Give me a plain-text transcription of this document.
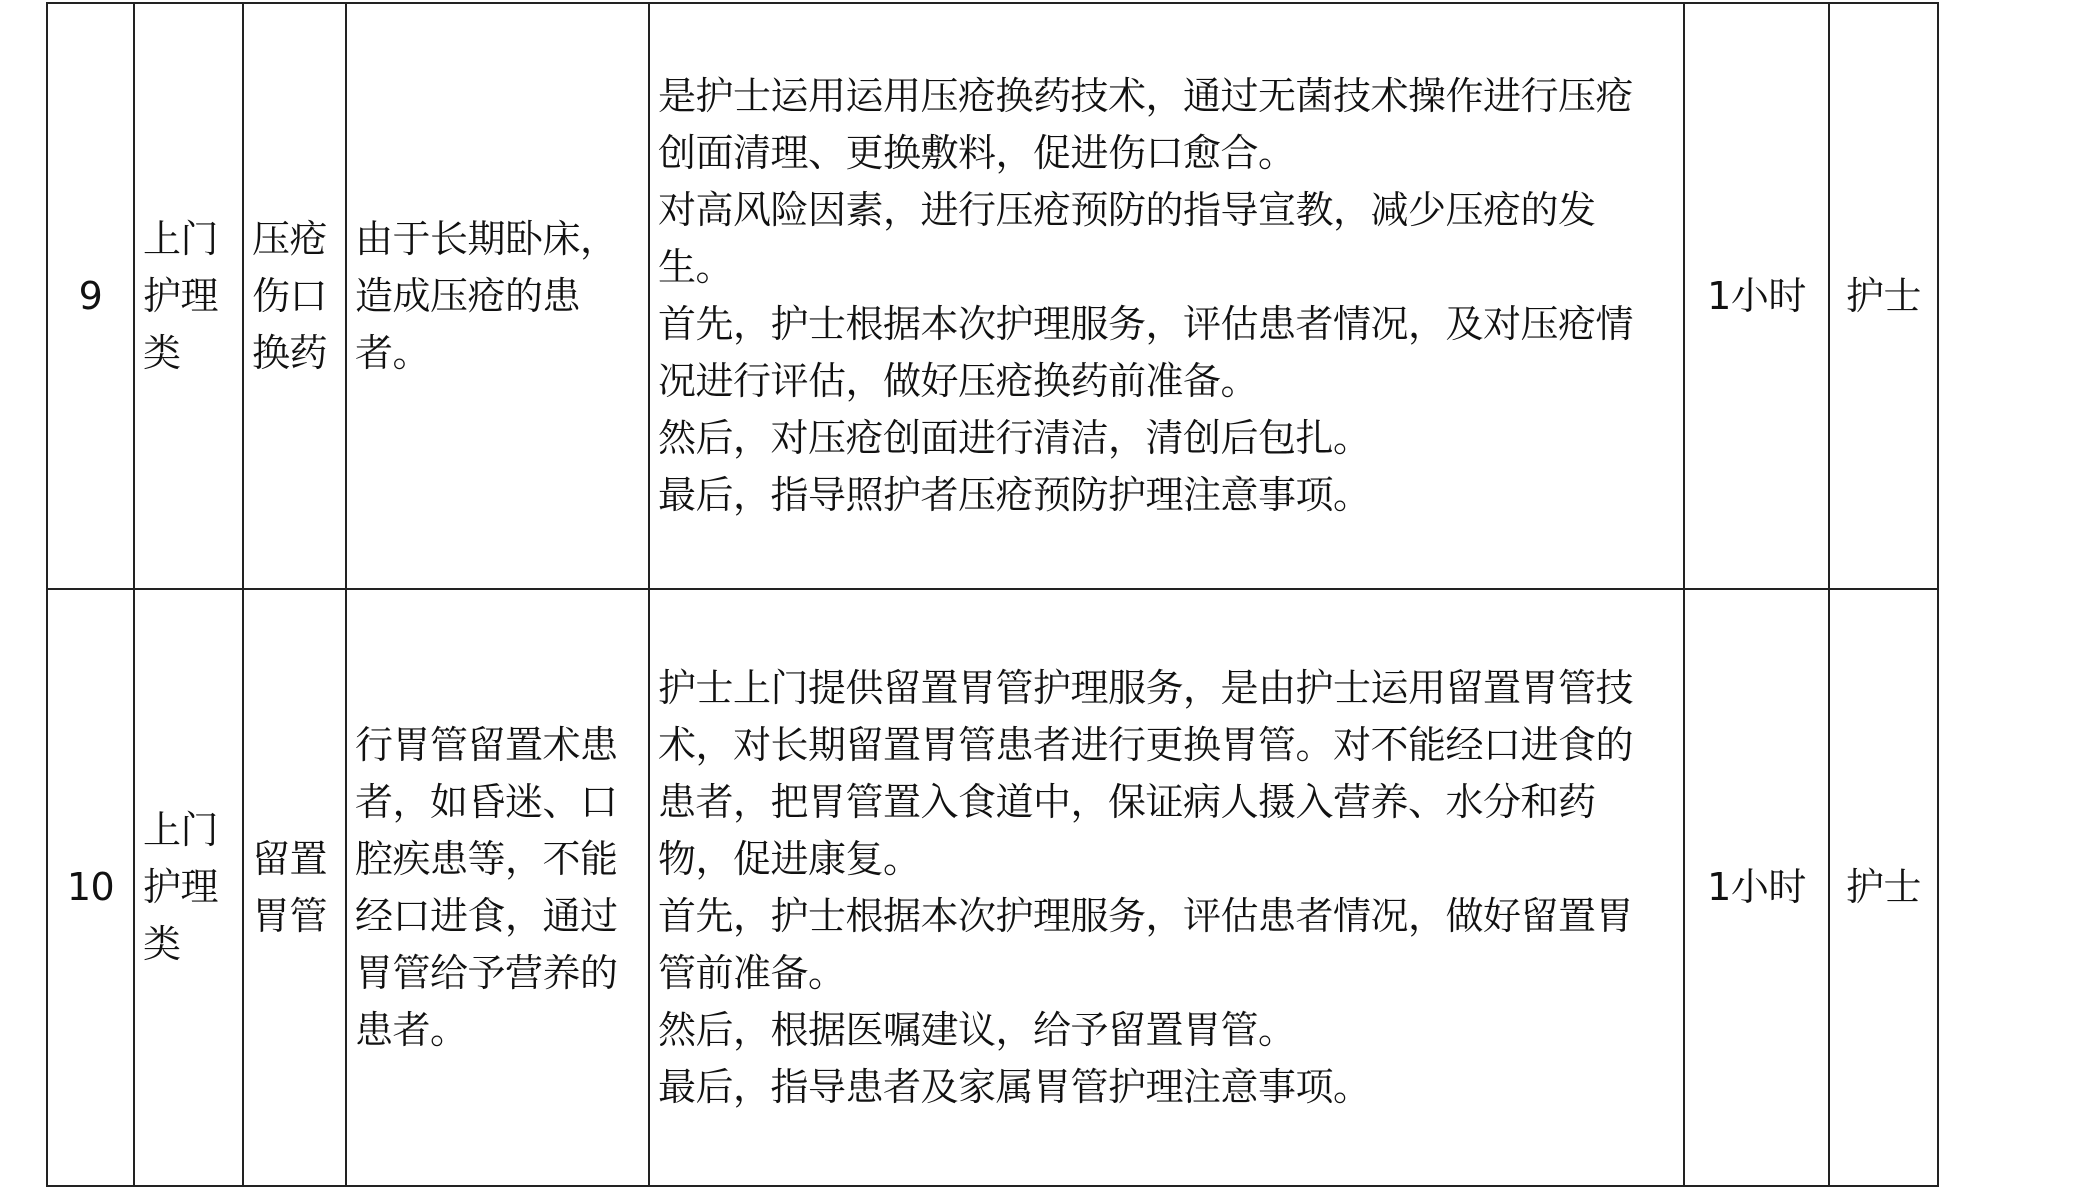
9	上门护理类	压疮伤口换药	由于长期卧床，造成压疮的患者。	是护士运用运用压疮换药技术，通过无菌技术操作进行压疮创面清理、更换敷料，促进伤口愈合。

对高风险因素，进行压疮预防的指导宣教，减少压疮的发生。

首先，护士根据本次护理服务，评估患者情况，及对压疮情况进行评估，做好压疮换药前准备。

然后，对压疮创面进行清洁，清创后包扎。

最后，指导照护者压疮预防护理注意事项。	1小时	护士
10	上门护理类	留置胃管	行胃管留置术患者，如昏迷、口腔疾患等，不能经口进食，通过胃管给予营养的患者。	护士上门提供留置胃管护理服务，是由护士运用留置胃管技术，对长期留置胃管患者进行更换胃管。对不能经口进食的患者，把胃管置入食道中，保证病人摄入营养、水分和药物，促进康复。

首先，护士根据本次护理服务，评估患者情况，做好留置胃管前准备。

然后，根据医嘱建议，给予留置胃管。

最后，指导患者及家属胃管护理注意事项。	1小时	护士
